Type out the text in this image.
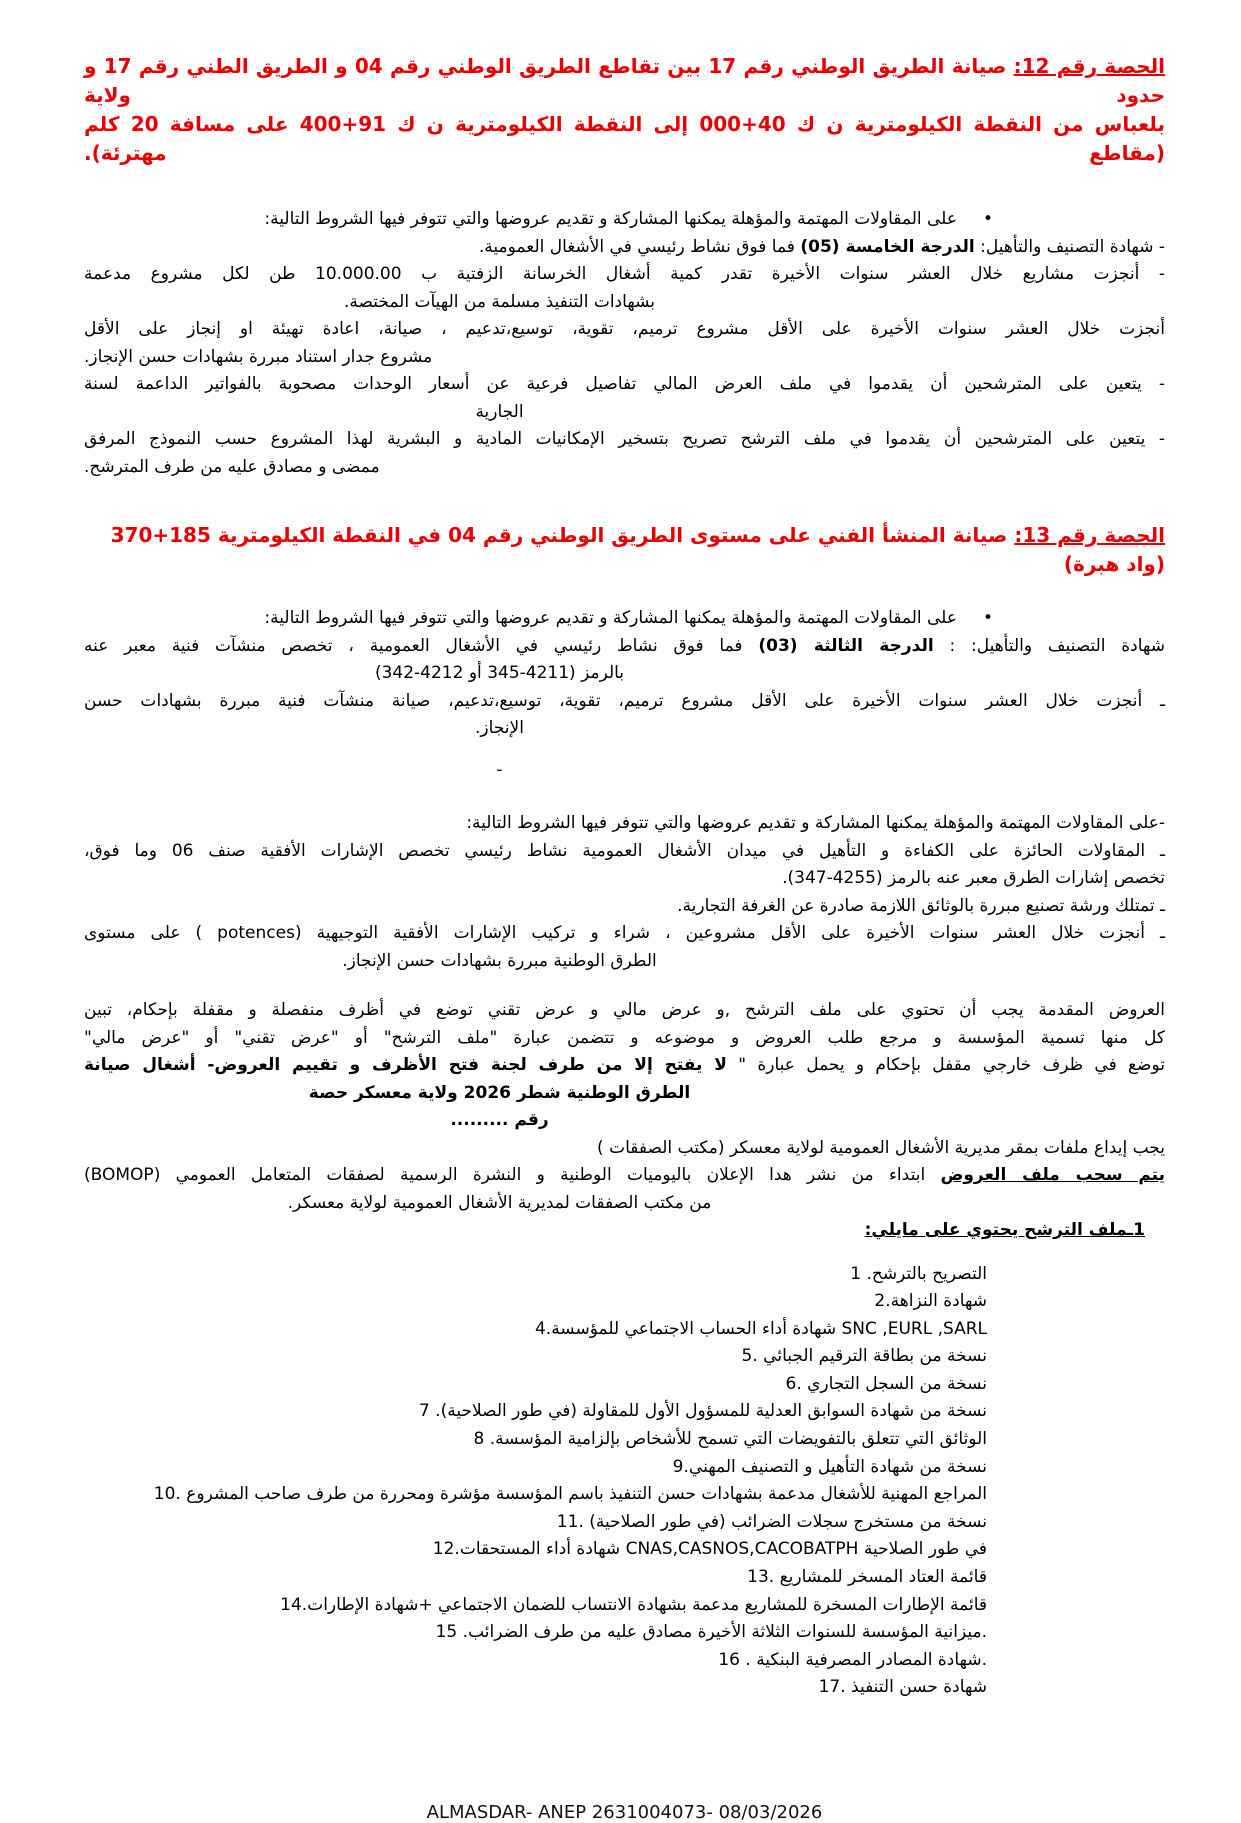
الحصة رقم 12: صيانة الطريق الوطني رقم 17 بين تقاطع الطريق الوطني رقم 04 و الطريق الطني رقم 17 و حدود ولاية
بلعباس من النقطة الكيلومترية ن ك 40+000 إلى النقطة الكيلومترية ن ك 91+400 على مسافة 20 كلم (مقاطع مهترئة).
•على المقاولات المهتمة والمؤهلة يمكنها المشاركة و تقديم عروضها والتي تتوفر فيها الشروط التالية:
- شهادة التصنيف والتأهيل: الدرجة الخامسة (05) فما فوق نشاط رئيسي في الأشغال العمومية.
- أنجزت مشاريع خلال العشر سنوات الأخيرة تقدر كمية أشغال الخرسانة الزفتية ب 10.000.00 طن لكل مشروع مدعمة
بشهادات التنفيذ مسلمة من الهيآت المختصة.
أنجزت خلال العشر سنوات الأخيرة على الأقل مشروع ترميم، تقوية، توسيع،تدعيم ، صيانة، اعادة تهيئة او إنجاز على الأقل
مشروع جدار استناد مبررة بشهادات حسن الإنجاز.
- يتعين على المترشحين أن يقدموا في ملف العرض المالي تفاصيل فرعية عن أسعار الوحدات مصحوبة بالفواتير الداعمة لسنة
الجارية
- يتعين على المترشحين أن يقدموا في ملف الترشح تصريح بتسخير الإمكانيات المادية و البشرية لهذا المشروع حسب النموذج المرفق
ممضى و مصادق عليه من طرف المترشح.
الحصة رقم 13: صيانة المنشأ الفني على مستوى الطريق الوطني رقم 04 في النقطة الكيلومترية 185+370 (واد هبرة)
•على المقاولات المهتمة والمؤهلة يمكنها المشاركة و تقديم عروضها والتي تتوفر فيها الشروط التالية:
شهادة التصنيف والتأهيل: : الدرجة الثالثة (03) فما فوق نشاط رئيسي في الأشغال العمومية ، تخصص منشآت فنية معبر عنه
بالرمز (4211-345 أو 4212-342)
ـ أنجزت خلال العشر سنوات الأخيرة على الأقل مشروع ترميم، تقوية، توسيع،تدعيم، صيانة منشآت فنية مبررة بشهادات حسن
الإنجاز.
-
-على المقاولات المهتمة والمؤهلة يمكنها المشاركة و تقديم عروضها والتي تتوفر فيها الشروط التالية:
ـ المقاولات الحائزة على الكفاءة و التأهيل في ميدان الأشغال العمومية نشاط رئيسي تخصص الإشارات الأفقية صنف 06 وما فوق،
تخصص إشارات الطرق معبر عنه بالرمز (4255-347).
ـ تمتلك ورشة تصنيع مبررة بالوثائق اللازمة صادرة عن الغرفة التجارية.
ـ أنجزت خلال العشر سنوات الأخيرة على الأقل مشروعين ، شراء و تركيب الإشارات الأفقية التوجيهية (potences ) على مستوى
الطرق الوطنية مبررة بشهادات حسن الإنجاز.
العروض المقدمة يجب أن تحتوي على ملف الترشح ,و عرض مالي و عرض تقني توضع في أظرف منفصلة و مقفلة بإحكام، تبين
كل منها تسمية المؤسسة و مرجع طلب العروض و موضوعه و تتضمن عبارة "ملف الترشح" أو "عرض تقني" أو "عرض مالي"
توضع في ظرف خارجي مقفل بإحكام و يحمل عبارة " لا يفتح إلا من طرف لجنة فتح الأظرف و تقييم العروض- أشغال صيانة
الطرق الوطنية شطر 2026 ولاية معسكر حصة
رقم .........
يجب إيداع ملفات بمقر مديرية الأشغال العمومية لولاية معسكر (مكتب الصفقات )
يتم سحب ملف العروض ابتداء من نشر هدا الإعلان باليوميات الوطنية و النشرة الرسمية لصفقات المتعامل العمومي (BOMOP)
من مكتب الصفقات لمديرية الأشغال العمومية لولاية معسكر.
1ـملف الترشح يحتوي على مايلي:
1 .التصريح بالترشح
2.شهادة النزاهة
4.شهادة أداء الحساب الاجتماعي للمؤسسة SNC ,EURL ,SARL
5. نسخة من بطاقة الترقيم الجبائي
6. نسخة من السجل التجاري
7 .نسخة من شهادة السوابق العدلية للمسؤول الأول للمقاولة (في طور الصلاحية)
8 .الوثائق التي تتعلق بالتفويضات التي تسمح للأشخاص بإلزامية المؤسسة
9.نسخة من شهادة التأهيل و التصنيف المهني
10. المراجع المهنية للأشغال مدعمة بشهادات حسن التنفيذ باسم المؤسسة مؤشرة ومحررة من طرف صاحب المشروع
11. نسخة من مستخرج سجلات الضرائب (في طور الصلاحية)
12.شهادة أداء المستحقات CNAS,CASNOS,CACOBATPH في طور الصلاحية
13. قائمة العتاد المسخر للمشاريع
14.قائمة الإطارات المسخرة للمشاريع مدعمة بشهادة الانتساب للضمان الاجتماعي +شهادة الإطارات
15 .ميزانية المؤسسة للسنوات الثلاثة الأخيرة مصادق عليه من طرف الضرائب.
16 . شهادة المصادر المصرفية البنكية.
17. شهادة حسن التنفيذ
ALMASDAR- ANEP 2631004073- 08/03/2026
